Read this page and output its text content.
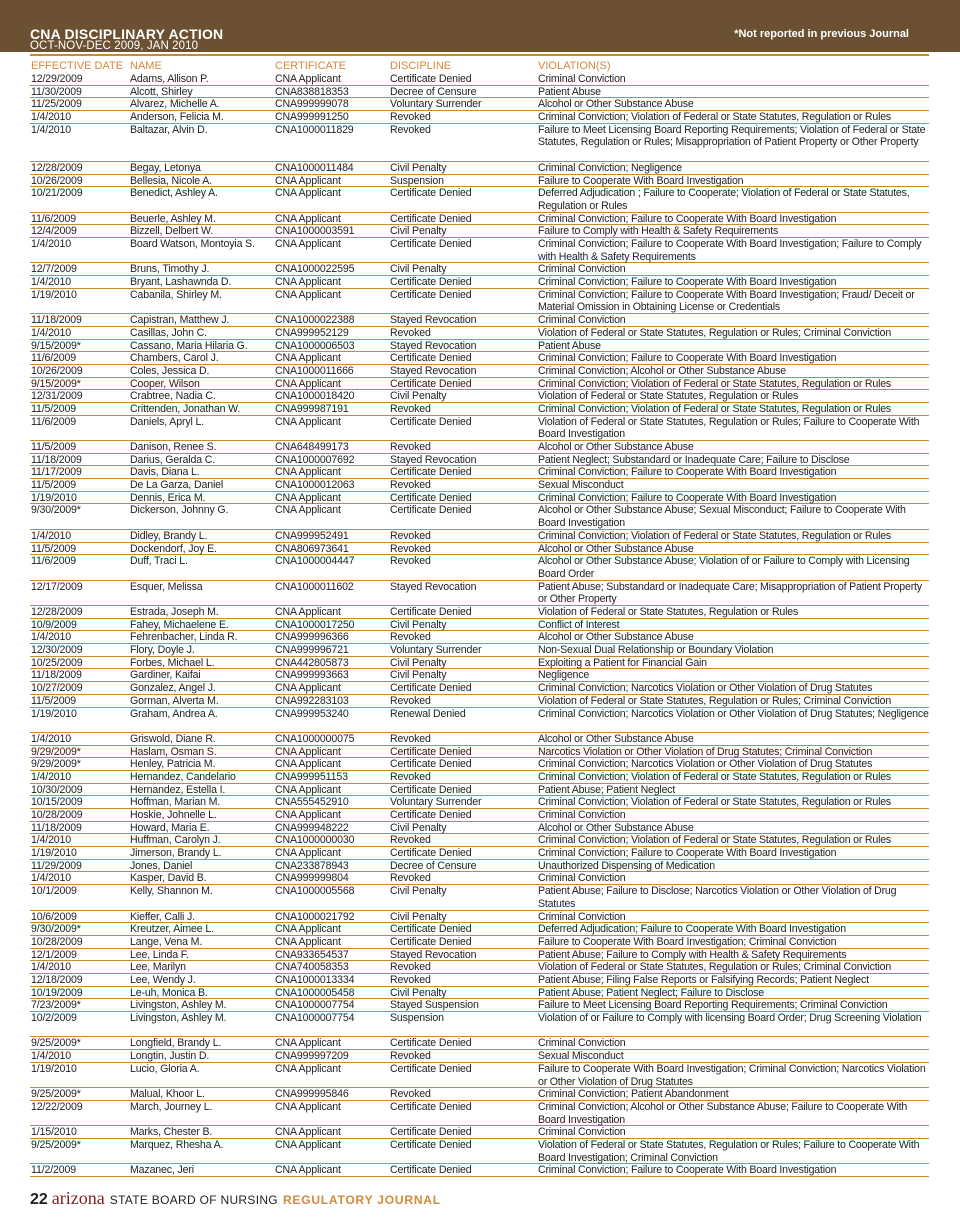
CNA DISCIPLINARY ACTION
OCT-NOV-DEC 2009, JAN 2010
*Not reported in previous Journal
EFFECTIVE DATE NAME	CERTIFICATE	DISCIPLINE	VIOLATION(S)
12/29/2009	Adams, Allison P.	CNA Applicant	Certificate Denied	Criminal Conviction
11/30/2009	Alcott, Shirley	CNA838818353	Decree of Censure	Patient Abuse
11/25/2009	Alvarez, Michelle A.	CNA999999078	Voluntary Surrender	Alcohol or Other Substance Abuse
1/4/2010	Anderson, Felicia M.	CNA999991250	Revoked	Criminal Conviction; Violation of Federal or State Statutes, Regulation or Rules
1/4/2010	Baltazar, Alvin D.	CNA1000011829	Revoked	Failure to Meet Licensing Board Reporting Requirements; Violation of Federal or State Statutes, Regulation or Rules; Misappropriation of Patient Property or Other Property
12/28/2009	Begay, Letonya	CNA1000011484	Civil Penalty	Criminal Conviction; Negligence
10/26/2009	Bellesia, Nicole A.	CNA Applicant	Suspension	Failure to Cooperate With Board Investigation
10/21/2009	Benedict, Ashley A.	CNA Applicant	Certificate Denied	Deferred Adjudication ; Failure to Cooperate; Violation of Federal or State Statutes, Regulation or Rules
11/6/2009	Beuerle, Ashley M.	CNA Applicant	Certificate Denied	Criminal Conviction; Failure to Cooperate With Board Investigation
12/4/2009	Bizzell, Delbert W.	CNA1000003591	Civil Penalty	Failure to Comply with Health & Safety Requirements
1/4/2010	Board Watson, Montoyia S.	CNA Applicant	Certificate Denied	Criminal Conviction; Failure to Cooperate With Board Investigation; Failure to Comply with Health & Safety Requirements
12/7/2009	Bruns, Timothy J.	CNA1000022595	Civil Penalty	Criminal Conviction
1/4/2010	Bryant, Lashawnda D.	CNA Applicant	Certificate Denied	Criminal Conviction; Failure to Cooperate With Board Investigation
1/19/2010	Cabanila, Shirley M.	CNA Applicant	Certificate Denied	Criminal Conviction; Failure to Cooperate With Board Investigation; Fraud/ Deceit or Material Omission in Obtaining License or Credentials
11/18/2009	Capistran, Matthew J.	CNA1000022388	Stayed Revocation	Criminal Conviction
1/4/2010	Casillas, John C.	CNA999952129	Revoked	Violation of Federal or State Statutes, Regulation or Rules; Criminal Conviction
9/15/2009*	Cassano, Maria Hilaria G.	CNA1000006503	Stayed Revocation	Patient Abuse
11/6/2009	Chambers, Carol J.	CNA Applicant	Certificate Denied	Criminal Conviction; Failure to Cooperate With Board Investigation
10/26/2009	Coles, Jessica D.	CNA1000011666	Stayed Revocation	Criminal Conviction; Alcohol or Other Substance Abuse
9/15/2009*	Cooper, Wilson	CNA Applicant	Certificate Denied	Criminal Conviction; Violation of Federal or State Statutes, Regulation or Rules
12/31/2009	Crabtree, Nadia C.	CNA1000018420	Civil Penalty	Violation of Federal or State Statutes, Regulation or Rules
11/5/2009	Crittenden, Jonathan W.	CNA999987191	Revoked	Criminal Conviction; Violation of Federal or State Statutes, Regulation or Rules
11/6/2009	Daniels, Apryl L.	CNA Applicant	Certificate Denied	Violation of Federal or State Statutes, Regulation or Rules; Failure to Cooperate With Board Investigation
11/5/2009	Danison, Renee S.	CNA648499173	Revoked	Alcohol or Other Substance Abuse
11/18/2009	Darius, Geralda C.	CNA1000007692	Stayed Revocation	Patient Neglect; Substandard or Inadequate Care; Failure to Disclose
11/17/2009	Davis, Diana L.	CNA Applicant	Certificate Denied	Criminal Conviction; Failure to Cooperate With Board Investigation
11/5/2009	De La Garza, Daniel	CNA1000012063	Revoked	Sexual Misconduct
1/19/2010	Dennis, Erica M.	CNA Applicant	Certificate Denied	Criminal Conviction; Failure to Cooperate With Board Investigation
9/30/2009*	Dickerson, Johnny G.	CNA Applicant	Certificate Denied	Alcohol or Other Substance Abuse; Sexual Misconduct; Failure to Cooperate With Board Investigation
1/4/2010	Didley, Brandy L.	CNA999952491	Revoked	Criminal Conviction; Violation of Federal or State Statutes, Regulation or Rules
11/5/2009	Dockendorf, Joy E.	CNA806973641	Revoked	Alcohol or Other Substance Abuse
11/6/2009	Duff, Traci L.	CNA1000004447	Revoked	Alcohol or Other Substance Abuse; Violation of or Failure to Comply with Licensing Board Order
12/17/2009	Esquer, Melissa	CNA1000011602	Stayed Revocation	Patient Abuse; Substandard or Inadequate Care; Misappropriation of Patient Property or Other Property
12/28/2009	Estrada, Joseph M.	CNA Applicant	Certificate Denied	Violation of Federal or State Statutes, Regulation or Rules
10/9/2009	Fahey, Michaelene E.	CNA1000017250	Civil Penalty	Conflict of Interest
1/4/2010	Fehrenbacher, Linda R.	CNA999996366	Revoked	Alcohol or Other Substance Abuse
12/30/2009	Flory, Doyle J.	CNA999996721	Voluntary Surrender	Non-Sexual Dual Relationship or Boundary Violation
10/25/2009	Forbes, Michael L.	CNA442805873	Civil Penalty	Exploiting a Patient for Financial Gain
11/18/2009	Gardiner, Kaifai	CNA999993663	Civil Penalty	Negligence
10/27/2009	Gonzalez, Angel J.	CNA Applicant	Certificate Denied	Criminal Conviction; Narcotics Violation or Other Violation of Drug Statutes
11/5/2009	Gorman, Alverta M.	CNA992283103	Revoked	Violation of Federal or State Statutes, Regulation or Rules; Criminal Conviction
1/19/2010	Graham, Andrea A.	CNA999953240	Renewal Denied	Criminal Conviction; Narcotics Violation or Other Violation of Drug Statutes; Negligence
1/4/2010	Griswold, Diane R.	CNA1000000075	Revoked	Alcohol or Other Substance Abuse
9/29/2009*	Haslam, Osman S.	CNA Applicant	Certificate Denied	Narcotics Violation or Other Violation of Drug Statutes; Criminal Conviction
9/29/2009*	Henley, Patricia M.	CNA Applicant	Certificate Denied	Criminal Conviction; Narcotics Violation or Other Violation of Drug Statutes
1/4/2010	Hernandez, Candelario	CNA999951153	Revoked	Criminal Conviction; Violation of Federal or State Statutes, Regulation or Rules
10/30/2009	Hernandez, Estella I.	CNA Applicant	Certificate Denied	Patient Abuse; Patient Neglect
10/15/2009	Hoffman, Marian M.	CNA555452910	Voluntary Surrender	Criminal Conviction; Violation of Federal or State Statutes, Regulation or Rules
10/28/2009	Hoskie, Johnelle L.	CNA Applicant	Certificate Denied	Criminal Conviction
11/18/2009	Howard, Maria E.	CNA999948222	Civil Penalty	Alcohol or Other Substance Abuse
1/4/2010	Huffman, Carolyn J.	CNA1000000030	Revoked	Criminal Conviction; Violation of Federal or State Statutes, Regulation or Rules
1/19/2010	Jimerson, Brandy L.	CNA Applicant	Certificate Denied	Criminal Conviction; Failure to Cooperate With Board Investigation
11/29/2009	Jones, Daniel	CNA233878943	Decree of Censure	Unauthorized Dispensing of Medication
1/4/2010	Kasper, David B.	CNA999999804	Revoked	Criminal Conviction
10/1/2009	Kelly, Shannon M.	CNA1000005568	Civil Penalty	Patient Abuse; Failure to Disclose; Narcotics Violation or Other Violation of Drug Statutes
10/6/2009	Kieffer, Calli J.	CNA1000021792	Civil Penalty	Criminal Conviction
9/30/2009*	Kreutzer, Aimee L.	CNA Applicant	Certificate Denied	Deferred Adjudication; Failure to Cooperate With Board Investigation
10/28/2009	Lange, Vena M.	CNA Applicant	Certificate Denied	Failure to Cooperate With Board Investigation; Criminal Conviction
12/1/2009	Lee, Linda F.	CNA933654537	Stayed Revocation	Patient Abuse; Failure to Comply with Health & Safety Requirements
1/4/2010	Lee, Marilyn	CNA740058353	Revoked	Violation of Federal or State Statutes, Regulation or Rules; Criminal Conviction
12/18/2009	Lee, Wendy J.	CNA1000013334	Revoked	Patient Abuse; Filing False Reports or Falsifying Records; Patient Neglect
10/19/2009	Le-uh, Monica B.	CNA1000005458	Civil Penalty	Patient Abuse; Patient Neglect; Failure to Disclose
7/23/2009*	Livingston, Ashley M.	CNA1000007754	Stayed Suspension	Failure to Meet Licensing Board Reporting Requirements; Criminal Conviction
10/2/2009	Livingston, Ashley M.	CNA1000007754	Suspension	Violation of or Failure to Comply with licensing Board Order; Drug Screening Violation
9/25/2009*	Longfield, Brandy L.	CNA Applicant	Certificate Denied	Criminal Conviction
1/4/2010	Longtin, Justin D.	CNA999997209	Revoked	Sexual Misconduct
1/19/2010	Lucio, Gloria A.	CNA Applicant	Certificate Denied	Failure to Cooperate With Board Investigation; Criminal Conviction; Narcotics Violation or Other Violation of Drug Statutes
9/25/2009*	Malual, Khoor L.	CNA999995846	Revoked	Criminal Conviction; Patient Abandonment
12/22/2009	March, Journey L.	CNA Applicant	Certificate Denied	Criminal Conviction; Alcohol or Other Substance Abuse; Failure to Cooperate With Board Investigation
1/15/2010	Marks, Chester B.	CNA Applicant	Certificate Denied	Criminal Conviction
9/25/2009*	Marquez, Rhesha A.	CNA Applicant	Certificate Denied	Violation of Federal or State Statutes, Regulation or Rules; Failure to Cooperate With Board Investigation; Criminal Conviction
11/2/2009	Mazanec, Jeri	CNA Applicant	Certificate Denied	Criminal Conviction; Failure to Cooperate With Board Investigation
22 arizona STATE BOARD OF NURSING REGULATORY JOURNAL
